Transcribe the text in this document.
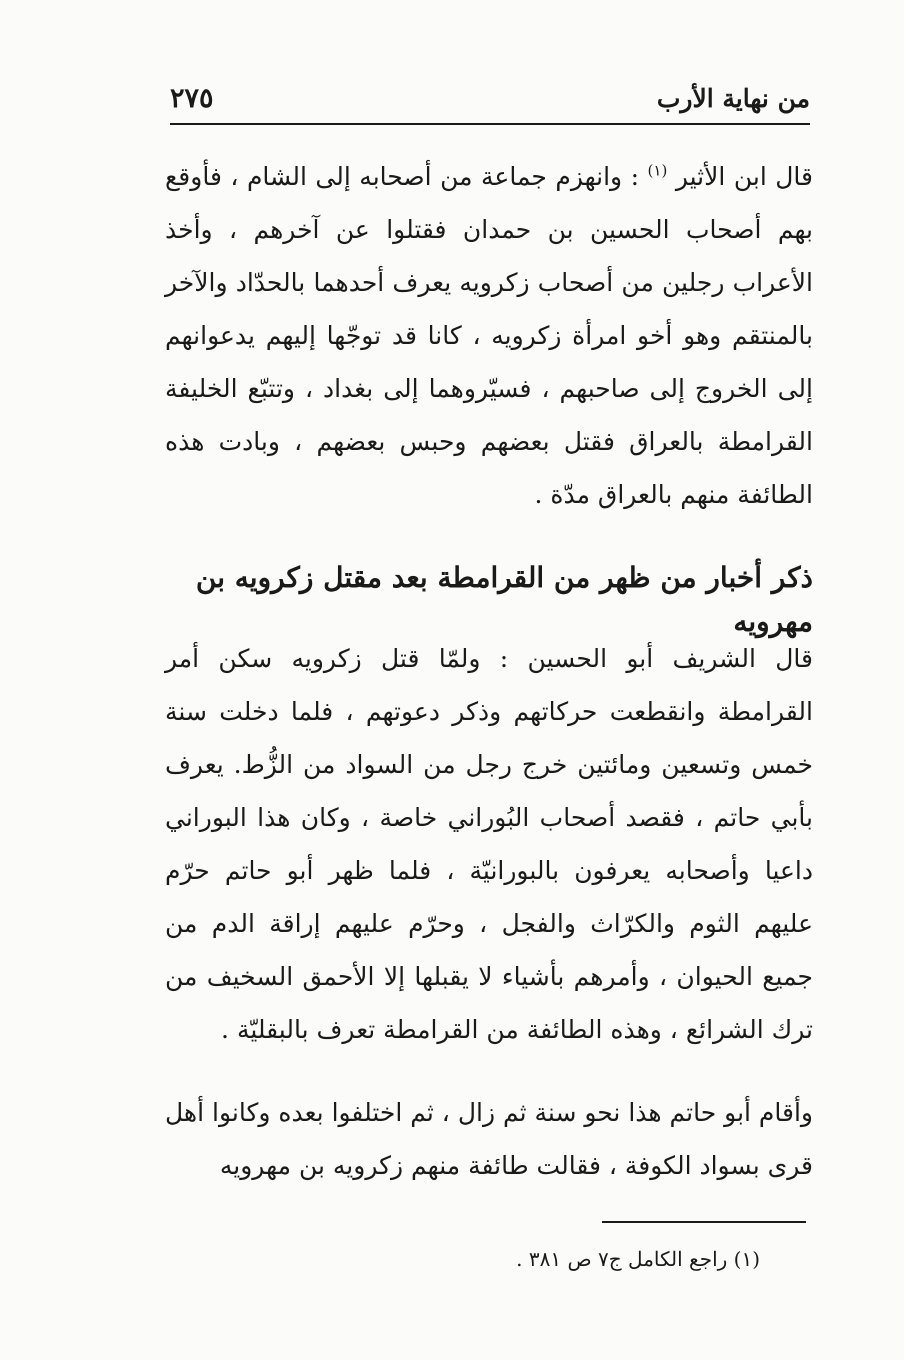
من نهاية الأرب
٢٧٥

قال ابن الأثير $^{(١)}$ : وانهزم جماعة من أصحابه إلى الشام ، فأوقع بهم أصحاب الحسين بن حمدان فقتلوا عن آخرهم ، وأخذ الأعراب رجلين من أصحاب زكرويه يعرف أحدهما بالحدّاد والآخر بالمنتقم وهو أخو امرأة زكرويه ، كانا قد توجّها إليهم يدعوانهم إلى الخروج إلى صاحبهم ، فسيّروهما إلى بغداد ، وتتبّع الخليفة القرامطة بالعراق فقتل بعضهم وحبس بعضهم ، وبادت هذه الطائفة منهم بالعراق مدّة .

ذكر أخبار من ظهر من القرامطة بعد مقتل زكرويه بن مهرويه

قال الشريف أبو الحسين : ولمّا قتل زكرويه سكن أمر القرامطة وانقطعت حركاتهم وذكر دعوتهم ، فلما دخلت سنة خمس وتسعين ومائتين خرج رجل من السواد من الزُّط. يعرف بأبي حاتم ، فقصد أصحاب البُوراني خاصة ، وكان هذا البوراني داعيا وأصحابه يعرفون بالبورانيّة ، فلما ظهر أبو حاتم حرّم عليهم الثوم والكرّاث والفجل ، وحرّم عليهم إراقة الدم من جميع الحيوان ، وأمرهم بأشياء لا يقبلها إلا الأحمق السخيف من ترك الشرائع ، وهذه الطائفة من القرامطة تعرف بالبقليّة .

وأقام أبو حاتم هذا نحو سنة ثم زال ، ثم اختلفوا بعده وكانوا أهل قرى بسواد الكوفة ، فقالت طائفة منهم زكرويه بن مهرويه

(١) راجع الكامل ج٧ ص ٣٨١ .
